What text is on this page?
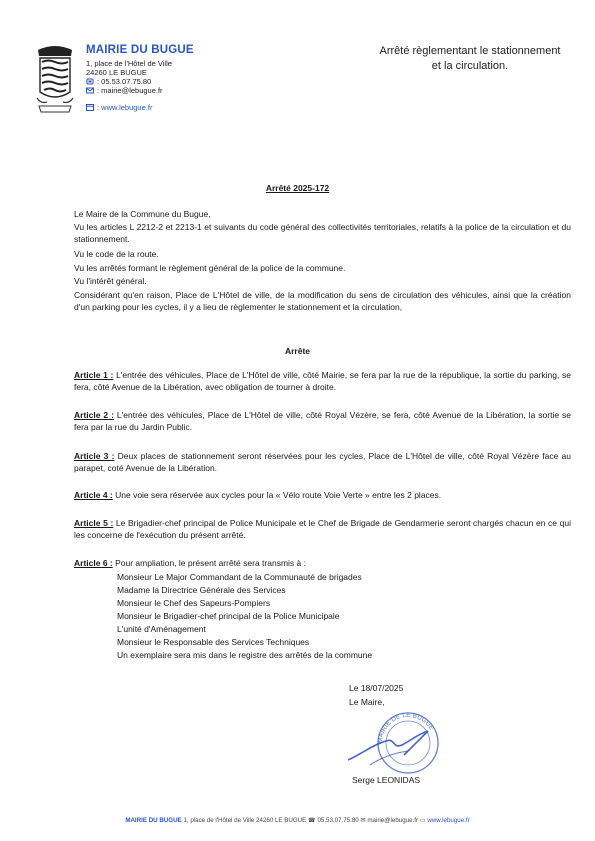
MAIRIE DU BUGUE
1, place de l'Hôtel de Ville
24260 LE BUGUE
: 05.53.07.75.80
: mairie@lebugue.fr
: www.lebugue.fr
Arrêté règlementant le stationnement
et la circulation.
Arrêté 2025-172
Le Maire de la Commune du Bugue,
Vu les articles L 2212-2 et 2213-1 et suivants du code général des collectivités territoriales, relatifs à la police de la circulation et du stationnement.
Vu le code de la route.
Vu les arrêtés formant le règlement général de la police de la commune.
Vu l'intérêt général.
Considérant qu'en raison, Place de L'Hôtel de ville, de la modification du sens de circulation des véhicules, ainsi que la création d'un parking pour les cycles, il y a lieu de règlementer le stationnement et la circulation,
Arrête
Article 1 : L'entrée des véhicules, Place de L'Hôtel de ville, côté Mairie, se fera par la rue de la république, la sortie du parking, se fera, côté Avenue de la Libération, avec obligation de tourner à droite.
Article 2 : L'entrée des véhicules, Place de L'Hôtel de ville, côté Royal Vézère, se fera, côté Avenue de la Libération, la sortie se fera par la rue du Jardin Public.
Article 3 : Deux places de stationnement seront réservées pour les cycles, Place de L'Hôtel de ville, côté Royal Vézère face au parapet, coté Avenue de la Libération.
Article 4 : Une voie sera réservée aux cycles pour la « Vélo route Voie Verte » entre les 2 places.
Article 5 : Le Brigadier-chef principal de Police Municipale et le Chef de Brigade de Gendarmerie seront chargés chacun en ce qui les concerne de l'exécution du présent arrêté.
Article 6 : Pour ampliation, le présent arrêté sera transmis à :
Monsieur Le Major Commandant de la Communauté de brigades
Madame la Directrice Générale des Services
Monsieur le Chef des Sapeurs-Pompiers
Monsieur le Brigadier-chef principal de la Police Municipale
L'unité d'Aménagement
Monsieur le Responsable des Services Techniques
Un exemplaire sera mis dans le registre des arrêtés de la commune
Le 18/07/2025
Le Maire,
MAIRIE DE LE BUGUE
Serge LEONIDAS
MAIRIE DU BUGUE 1, place de l'Hôtel de Ville 24260 LE BUGUE ☎ 05.53.07.75.80 ✉ mairie@lebugue.fr ▭ www.lebugue.fr
